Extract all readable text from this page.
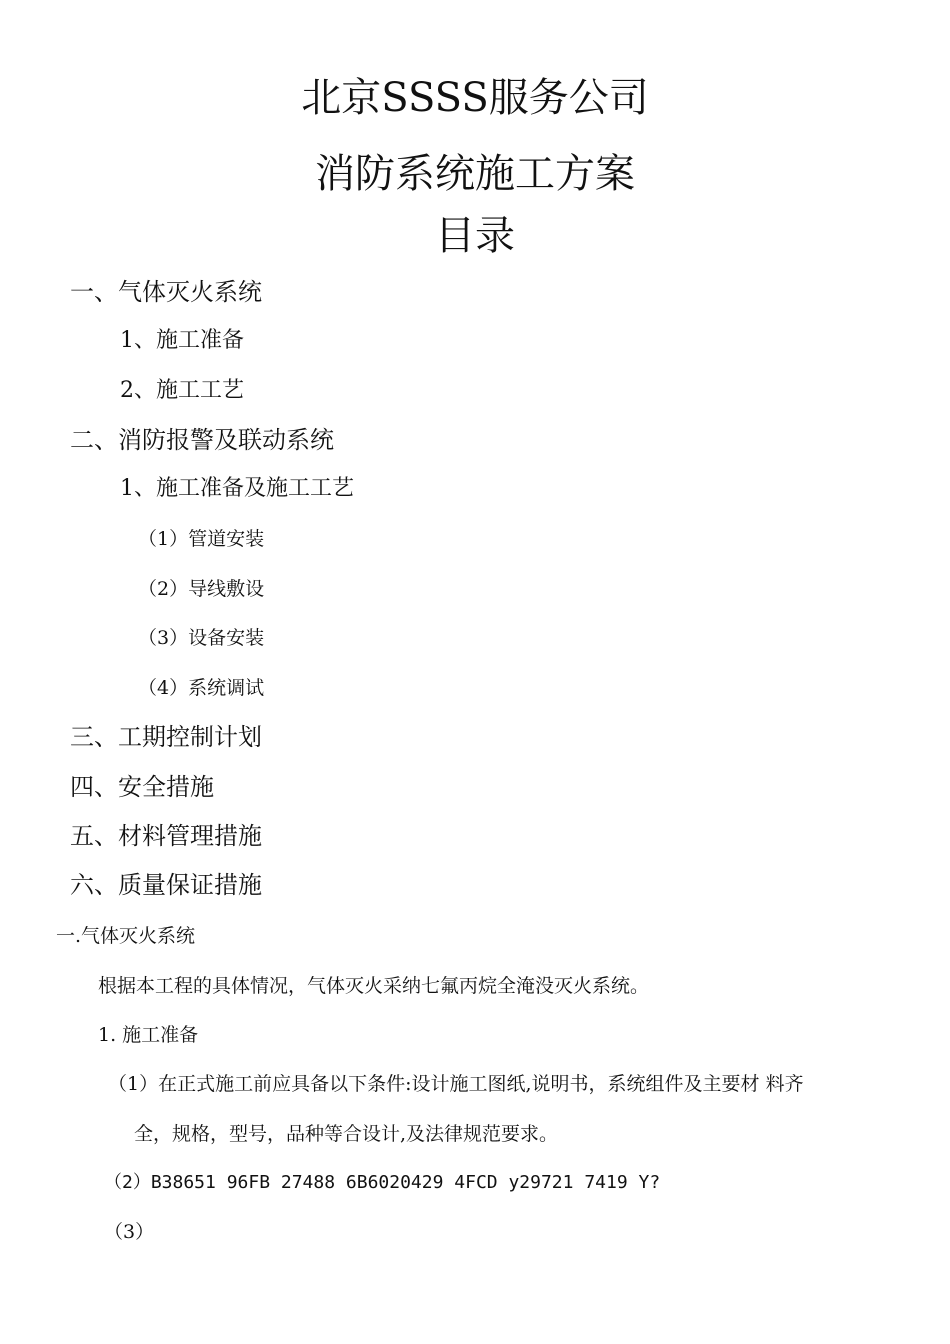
北京SSSS服务公司
消防系统施工方案
目录
一、气体灭火系统
1、施工准备
2、施工工艺
二、消防报警及联动系统
1、施工准备及施工工艺
（1）管道安装
（2）导线敷设
（3）设备安装
（4）系统调试
三、工期控制计划
四、安全措施
五、材料管理措施
六、质量保证措施
一.气体灭火系统
根据本工程的具体情况，气体灭火采纳七氟丙烷全淹没灭火系统。
1. 施工准备
（1）在正式施工前应具备以下条件:设计施工图纸,说明书，系统组件及主要材 料齐
全，规格，型号，品种等合设计,及法律规范要求。
（2）B38651 96FB 27488 6B6020429 4FCD y29721 7419 Y?
（3）
